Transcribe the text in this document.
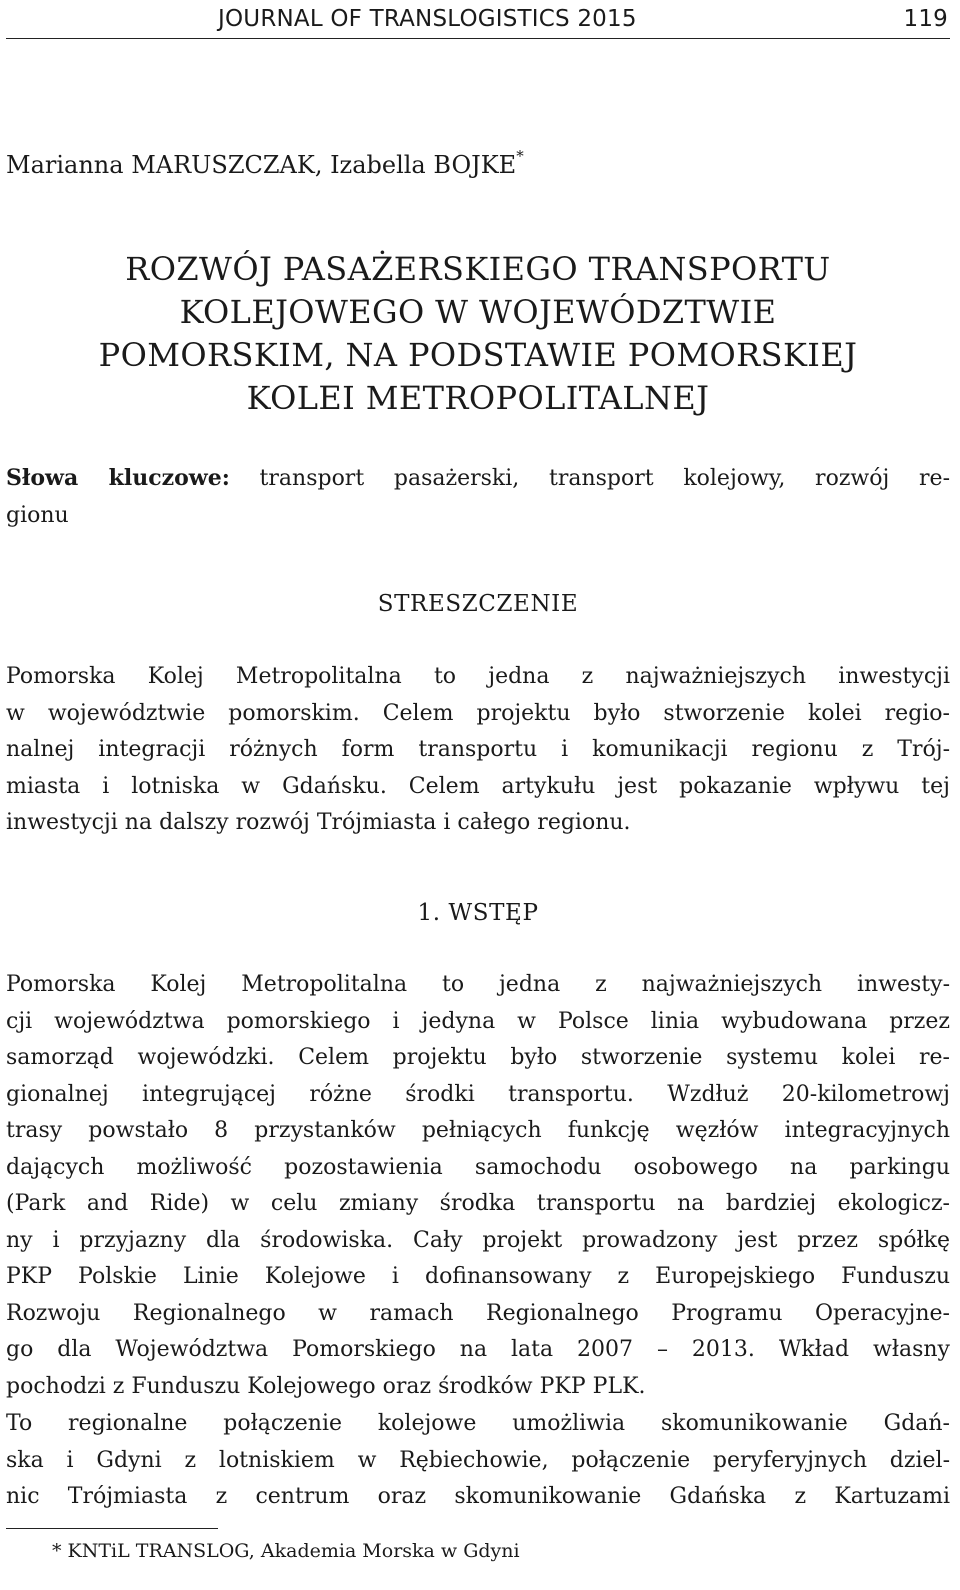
JOURNAL OF TRANSLOGISTICS 2015	119
Marianna MARUSZCZAK, Izabella BOJKE*
ROZWÓJ PASAŻERSKIEGO TRANSPORTU
KOLEJOWEGO W WOJEWÓDZTWIE
POMORSKIM, NA PODSTAWIE POMORSKIEJ
KOLEI METROPOLITALNEJ
Słowa kluczowe: transport pasażerski, transport kolejowy, rozwój re-
gionu
STRESZCZENIE
Pomorska Kolej Metropolitalna to jedna z najważniejszych inwestycji
w województwie pomorskim. Celem projektu było stworzenie kolei regio-
nalnej integracji różnych form transportu i komunikacji regionu z Trój-
miasta i lotniska w Gdańsku. Celem artykułu jest pokazanie wpływu tej
inwestycji na dalszy rozwój Trójmiasta i całego regionu.
1. WSTĘP
Pomorska Kolej Metropolitalna to jedna z najważniejszych inwesty-
cji województwa pomorskiego i jedyna w Polsce linia wybudowana przez
samorząd wojewódzki. Celem projektu było stworzenie systemu kolei re-
gionalnej integrującej różne środki transportu. Wzdłuż 20-kilometrowj
trasy powstało 8 przystanków pełniących funkcję węzłów integracyjnych
dających możliwość pozostawienia samochodu osobowego na parkingu
(Park and Ride) w celu zmiany środka transportu na bardziej ekologicz-
ny i przyjazny dla środowiska. Cały projekt prowadzony jest przez spółkę
PKP Polskie Linie Kolejowe i dofinansowany z Europejskiego Funduszu
Rozwoju Regionalnego w ramach Regionalnego Programu Operacyjne-
go dla Województwa Pomorskiego na lata 2007 – 2013. Wkład własny
pochodzi z Funduszu Kolejowego oraz środków PKP PLK.
To regionalne połączenie kolejowe umożliwia skomunikowanie Gdań-
ska i Gdyni z lotniskiem w Rębiechowie, połączenie peryferyjnych dziel-
nic Trójmiasta z centrum oraz skomunikowanie Gdańska z Kartuzami
* KNTiL TRANSLOG, Akademia Morska w Gdyni
